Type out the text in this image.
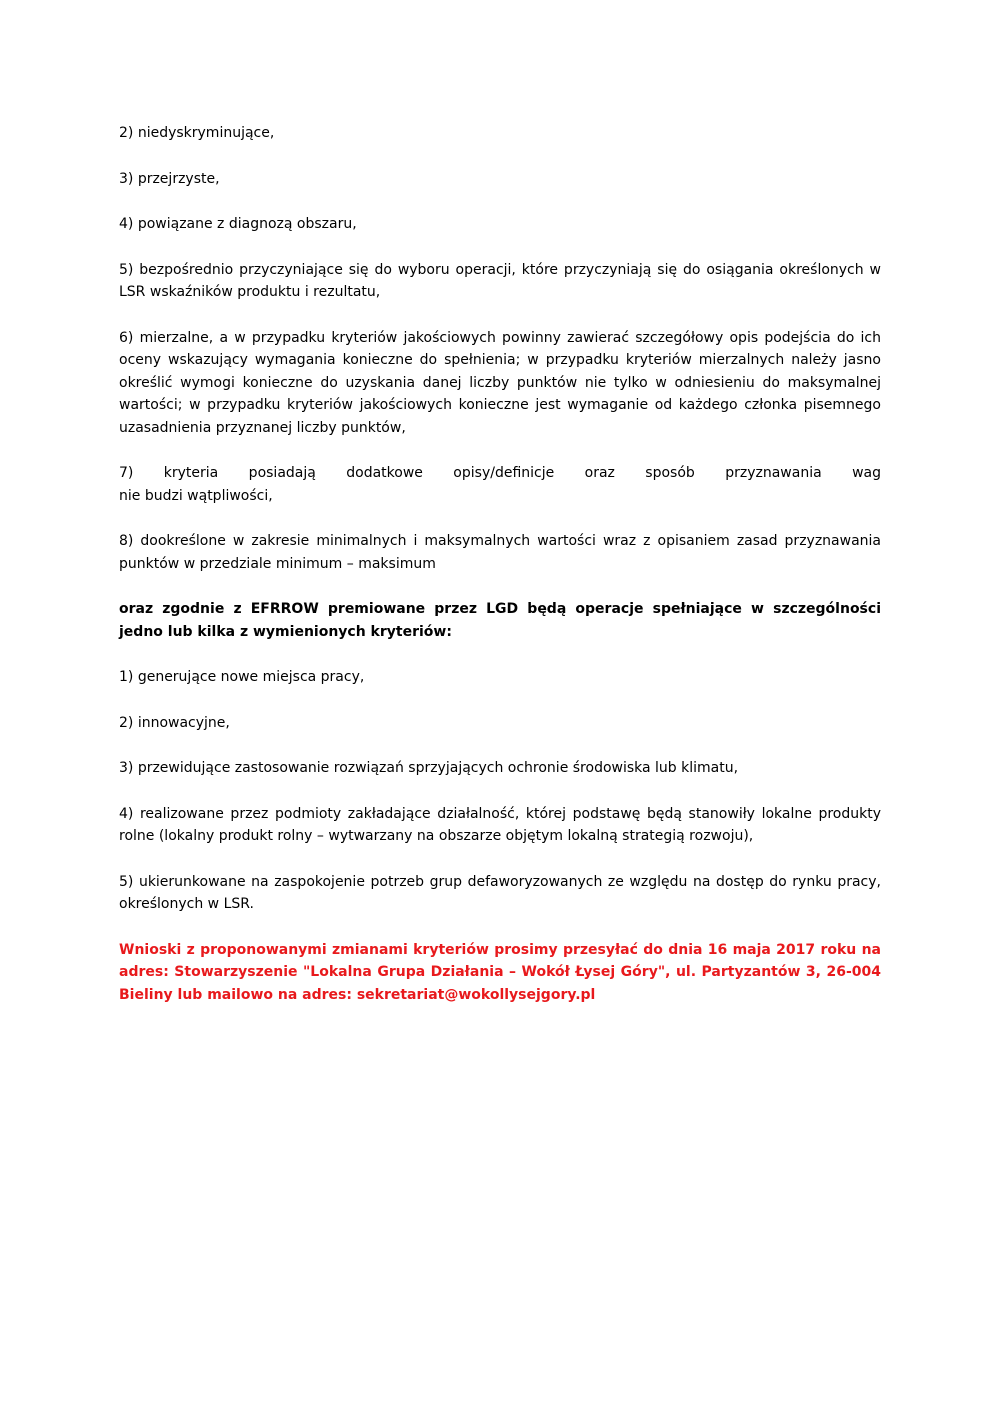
2) niedyskryminujące,

3) przejrzyste,

4) powiązane z diagnozą obszaru,

5) bezpośrednio przyczyniające się do wyboru operacji, które przyczyniają się do osiągania określonych w LSR wskaźników produktu i rezultatu,

6) mierzalne, a w przypadku kryteriów jakościowych powinny zawierać szczegółowy opis podejścia do ich oceny wskazujący wymagania konieczne do spełnienia; w przypadku kryteriów mierzalnych należy jasno określić wymogi konieczne do uzyskania danej liczby punktów nie tylko w odniesieniu do maksymalnej wartości; w przypadku kryteriów jakościowych konieczne jest wymaganie od każdego członka pisemnego uzasadnienia przyznanej liczby punktów,

7) kryteria posiadają dodatkowe opisy/definicje oraz sposób przyznawania wag
nie budzi wątpliwości,

8) dookreślone w zakresie minimalnych i maksymalnych wartości wraz z opisaniem zasad przyznawania punktów w przedziale minimum – maksimum

oraz zgodnie z EFRROW premiowane przez LGD będą operacje spełniające w szczególności jedno lub kilka z wymienionych kryteriów:

1) generujące nowe miejsca pracy,

2) innowacyjne,

3) przewidujące zastosowanie rozwiązań sprzyjających ochronie środowiska lub klimatu,

4) realizowane przez podmioty zakładające działalność, której podstawę będą stanowiły lokalne produkty rolne (lokalny produkt rolny – wytwarzany na obszarze objętym lokalną strategią rozwoju),

5) ukierunkowane na zaspokojenie potrzeb grup defaworyzowanych ze względu na dostęp do rynku pracy, określonych w LSR.

Wnioski z proponowanymi zmianami kryteriów prosimy przesyłać do dnia 16 maja 2017 roku na adres: Stowarzyszenie "Lokalna Grupa Działania – Wokół Łysej Góry", ul. Partyzantów 3, 26-004 Bieliny lub mailowo na adres: sekretariat@wokollysejgory.pl
